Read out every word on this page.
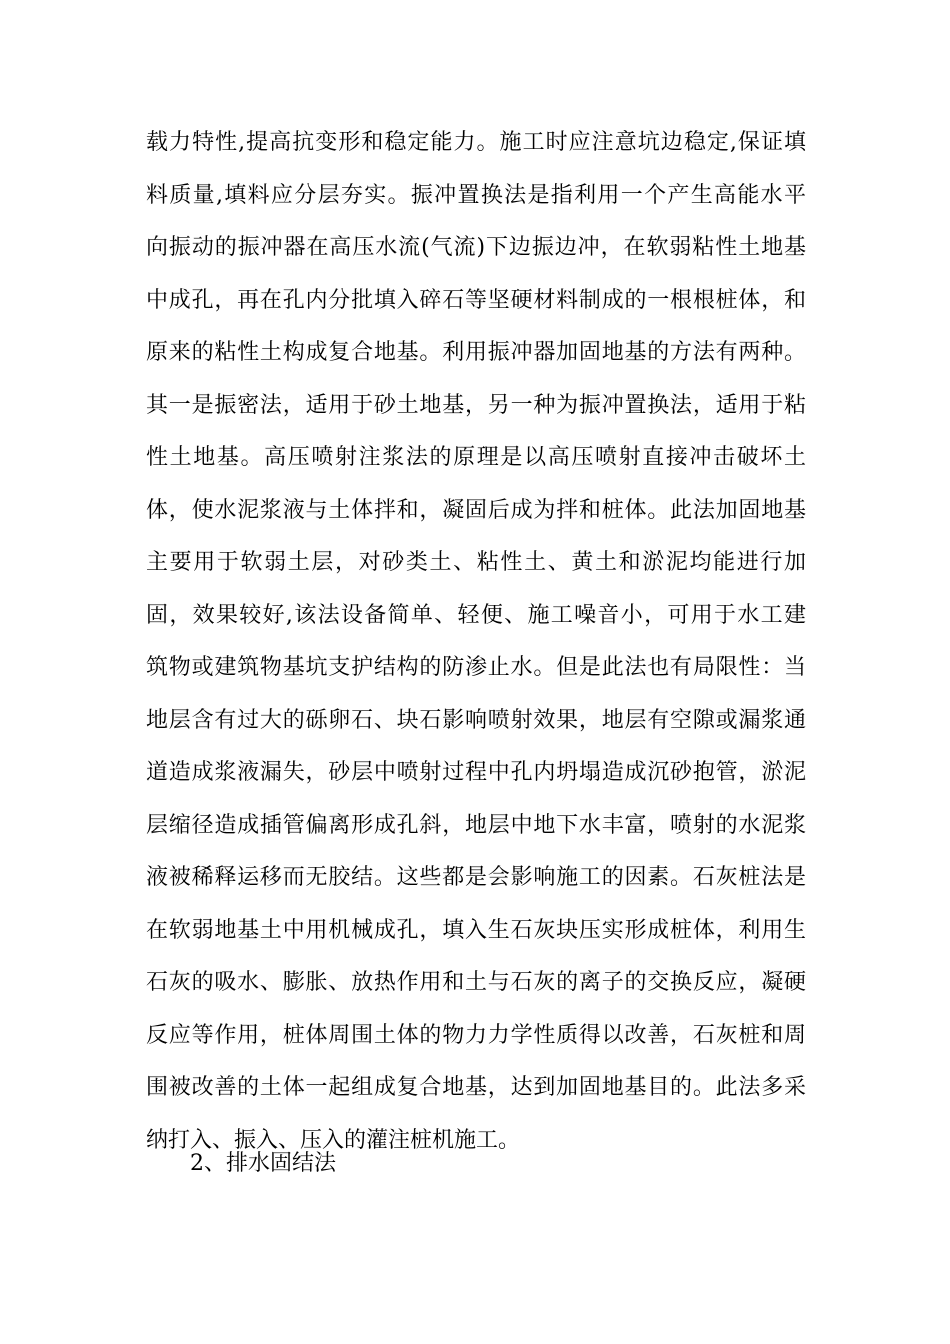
载力特性,提高抗变形和稳定能力。施工时应注意坑边稳定,保证填
料质量,填料应分层夯实。振冲置换法是指利用一个产生高能水平
向振动的振冲器在高压水流(气流)下边振边冲，在软弱粘性土地基
中成孔，再在孔内分批填入碎石等坚硬材料制成的一根根桩体，和
原来的粘性土构成复合地基。利用振冲器加固地基的方法有两种。
其一是振密法，适用于砂土地基，另一种为振冲置换法，适用于粘
性土地基。高压喷射注浆法的原理是以高压喷射直接冲击破坏土
体，使水泥浆液与土体拌和，凝固后成为拌和桩体。此法加固地基
主要用于软弱土层，对砂类土、粘性土、黄土和淤泥均能进行加
固，效果较好,该法设备简单、轻便、施工噪音小，可用于水工建
筑物或建筑物基坑支护结构的防渗止水。但是此法也有局限性：当
地层含有过大的砾卵石、块石影响喷射效果，地层有空隙或漏浆通
道造成浆液漏失，砂层中喷射过程中孔内坍塌造成沉砂抱管，淤泥
层缩径造成插管偏离形成孔斜，地层中地下水丰富，喷射的水泥浆
液被稀释运移而无胶结。这些都是会影响施工的因素。石灰桩法是
在软弱地基土中用机械成孔，填入生石灰块压实形成桩体，利用生
石灰的吸水、膨胀、放热作用和土与石灰的离子的交换反应，凝硬
反应等作用，桩体周围土体的物力力学性质得以改善，石灰桩和周
围被改善的土体一起组成复合地基，达到加固地基目的。此法多采
纳打入、振入、压入的灌注桩机施工。
2、排水固结法
